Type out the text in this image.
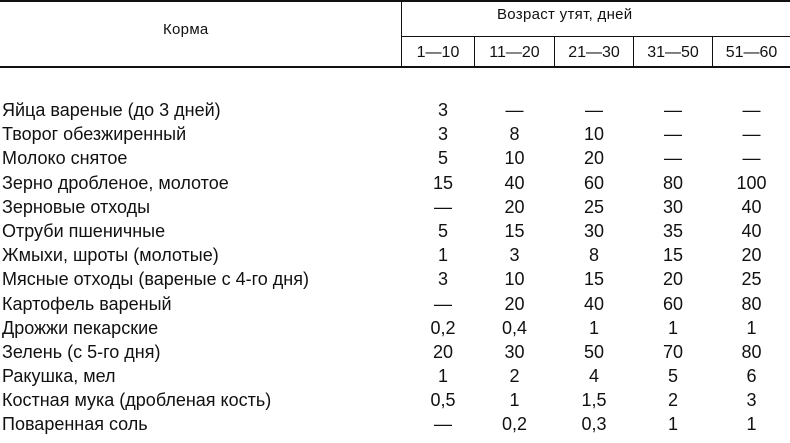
Корма
Возраст утят, дней
1—10	11—20	21—30	31—50	51—60
Яйца вареные (до 3 дней)	3	—	—	—	—
Творог обезжиренный	3	8	10	—	—
Молоко снятое	5	10	20	—	—
Зерно дробленое, молотое	15	40	60	80	100
Зерновые отходы	—	20	25	30	40
Отруби пшеничные	5	15	30	35	40
Жмыхи, шроты (молотые)	1	3	8	15	20
Мясные отходы (вареные с 4-го дня)	3	10	15	20	25
Картофель вареный	—	20	40	60	80
Дрожжи пекарские	0,2	0,4	1	1	1
Зелень (с 5-го дня)	20	30	50	70	80
Ракушка, мел	1	2	4	5	6
Костная мука (дробленая кость)	0,5	1	1,5	2	3
Поваренная соль	—	0,2	0,3	1	1
